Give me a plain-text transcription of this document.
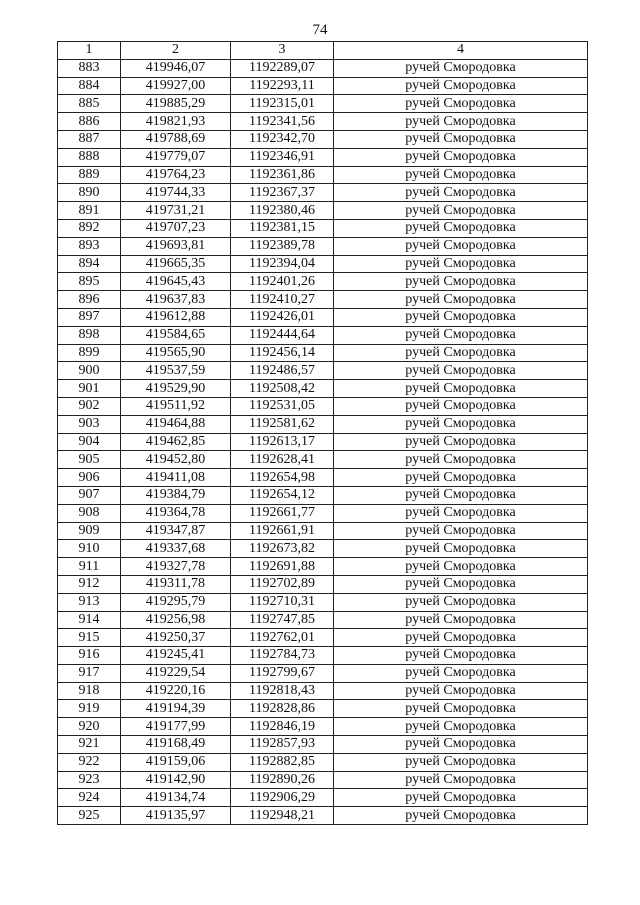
74
1	2	3	4
883	419946,07	1192289,07	ручей Смородовка
884	419927,00	1192293,11	ручей Смородовка
885	419885,29	1192315,01	ручей Смородовка
886	419821,93	1192341,56	ручей Смородовка
887	419788,69	1192342,70	ручей Смородовка
888	419779,07	1192346,91	ручей Смородовка
889	419764,23	1192361,86	ручей Смородовка
890	419744,33	1192367,37	ручей Смородовка
891	419731,21	1192380,46	ручей Смородовка
892	419707,23	1192381,15	ручей Смородовка
893	419693,81	1192389,78	ручей Смородовка
894	419665,35	1192394,04	ручей Смородовка
895	419645,43	1192401,26	ручей Смородовка
896	419637,83	1192410,27	ручей Смородовка
897	419612,88	1192426,01	ручей Смородовка
898	419584,65	1192444,64	ручей Смородовка
899	419565,90	1192456,14	ручей Смородовка
900	419537,59	1192486,57	ручей Смородовка
901	419529,90	1192508,42	ручей Смородовка
902	419511,92	1192531,05	ручей Смородовка
903	419464,88	1192581,62	ручей Смородовка
904	419462,85	1192613,17	ручей Смородовка
905	419452,80	1192628,41	ручей Смородовка
906	419411,08	1192654,98	ручей Смородовка
907	419384,79	1192654,12	ручей Смородовка
908	419364,78	1192661,77	ручей Смородовка
909	419347,87	1192661,91	ручей Смородовка
910	419337,68	1192673,82	ручей Смородовка
911	419327,78	1192691,88	ручей Смородовка
912	419311,78	1192702,89	ручей Смородовка
913	419295,79	1192710,31	ручей Смородовка
914	419256,98	1192747,85	ручей Смородовка
915	419250,37	1192762,01	ручей Смородовка
916	419245,41	1192784,73	ручей Смородовка
917	419229,54	1192799,67	ручей Смородовка
918	419220,16	1192818,43	ручей Смородовка
919	419194,39	1192828,86	ручей Смородовка
920	419177,99	1192846,19	ручей Смородовка
921	419168,49	1192857,93	ручей Смородовка
922	419159,06	1192882,85	ручей Смородовка
923	419142,90	1192890,26	ручей Смородовка
924	419134,74	1192906,29	ручей Смородовка
925	419135,97	1192948,21	ручей Смородовка
